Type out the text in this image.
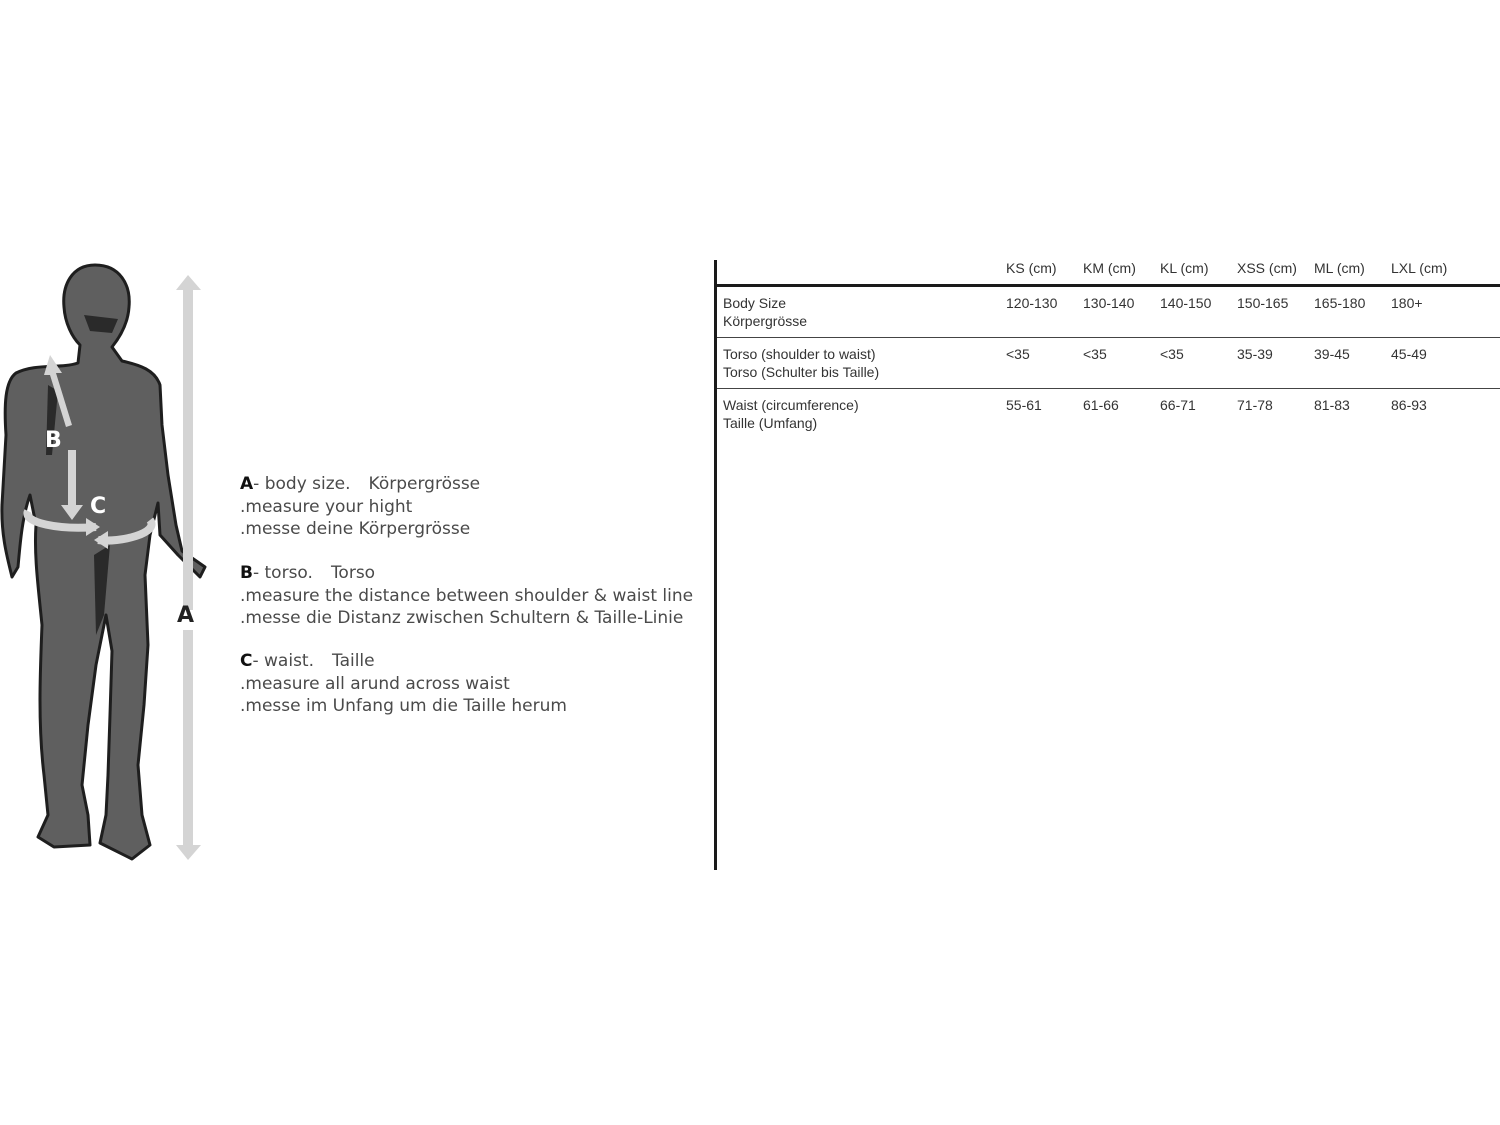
A
B
C
A- body size. Körpergrösse
.measure your hight
.messe deine Körpergrösse
B- torso. Torso
.measure the distance between shoulder & waist line
.messe die Distanz zwischen Schultern & Taille-Linie
C- waist. Taille
.measure all arund across waist
.messe im Unfang um die Taille herum
KS (cm) KM (cm) KL (cm) XSS (cm) ML (cm) LXL (cm)
Body Size
Körpergrösse
120-130 130-140 140-150 150-165 165-180 180+
Torso (shoulder to waist)
Torso (Schulter bis Taille)
<35	<35	<35	35-39	39-45	45-49
Waist (circumference)
Taille (Umfang)
55-61	61-66	66-71	71-78	81-83	86-93
